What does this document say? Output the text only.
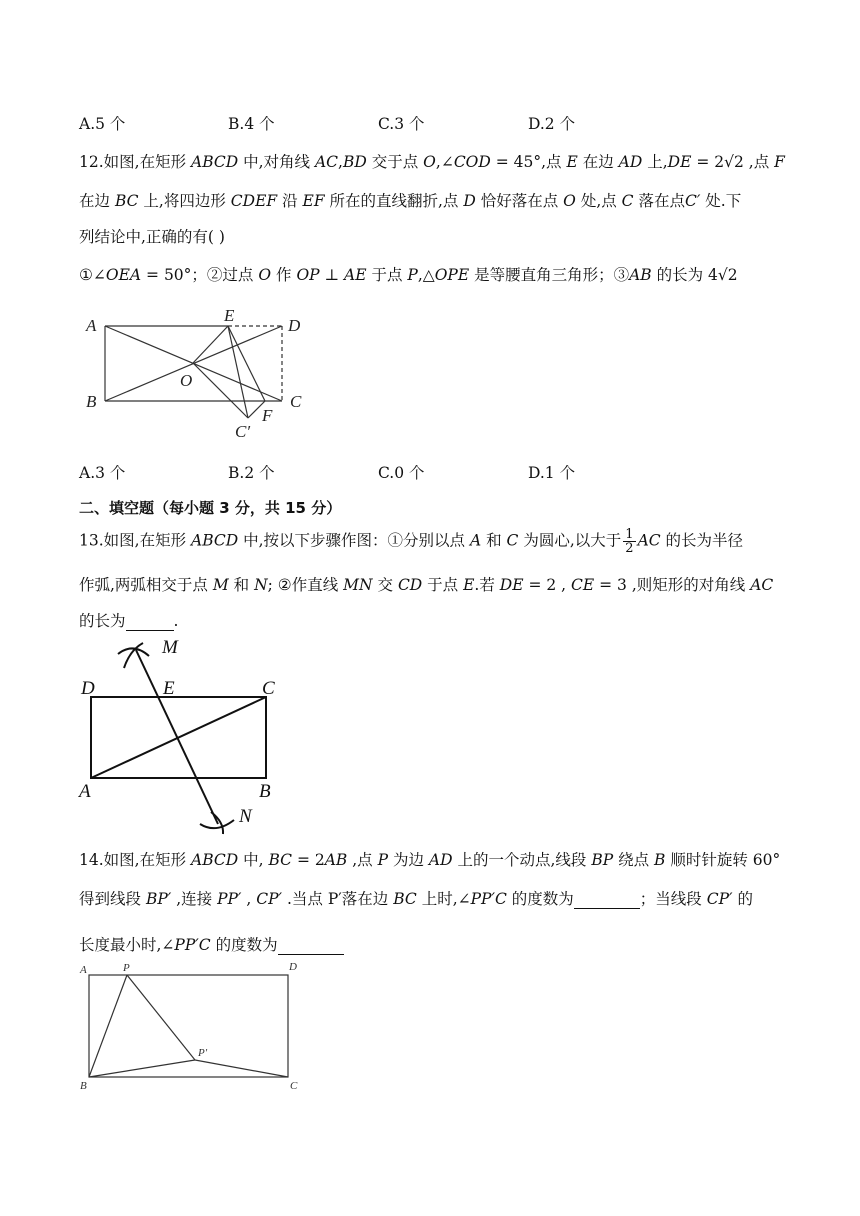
A.5 个	B.4 个	C.3 个	D.2 个
12.如图,在矩形 ABCD 中,对角线 AC,BD 交于点 O,∠COD = 45°,点 E 在边 AD 上,DE = 2√2 ,点 F
在边 BC 上,将四边形 CDEF 沿 EF 所在的直线翻折,点 D 恰好落在点 O 处,点 C 落在点C′ 处.下
列结论中,正确的有( )
①∠OEA = 50°；②过点 O 作 OP ⊥ AE 于点 P,△OPE 是等腰直角三角形；③AB 的长为 4√2
A
E
D
O
B	C
F
C′
A.3 个	B.2 个	C.0 个	D.1 个
二、填空题（每小题 3 分，共 15 分）
13.如图,在矩形 ABCD 中,按以下步骤作图：①分别以点 A 和 C 为圆心,以大于 $\frac{1}{2}$ AC 的长为半径
作弧,两弧相交于点 M 和 N; ②作直线 MN 交 CD 于点 E.若 DE = 2 , CE = 3 ,则矩形的对角线 AC
的长为	.
M
D	E	C
A	B
N
14.如图,在矩形 ABCD 中, BC = 2AB ,点 P 为边 AD 上的一个动点,线段 BP 绕点 B 顺时针旋转 60°
得到线段 BP′ ,连接 PP′ , CP′ .当点 P′落在边 BC 上时,∠PP′C 的度数为	；当线段 CP′ 的
长度最小时,∠PP′C 的度数为
A	P	D
P′
B	C
